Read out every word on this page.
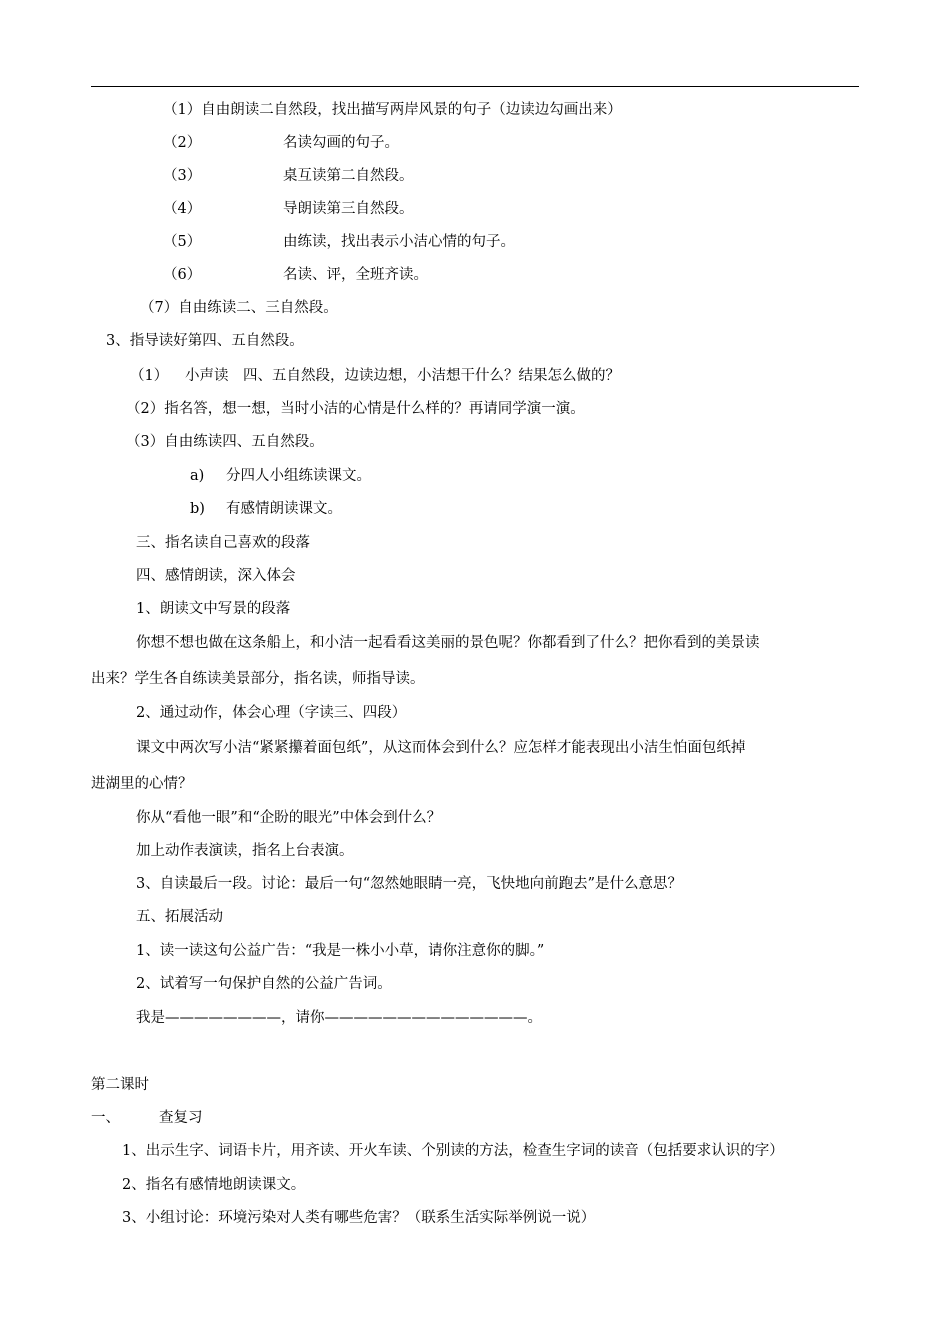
（1）自由朗读二自然段，找出描写两岸风景的句子（边读边勾画出来）
（2）	名读勾画的句子。
（3）	桌互读第二自然段。
（4）	导朗读第三自然段。
（5）	由练读，找出表示小洁心情的句子。
（6）	名读、评，全班齐读。
（7）自由练读二、三自然段。
3、指导读好第四、五自然段。
（1） 小声读　四、五自然段，边读边想，小洁想干什么？结果怎么做的？
（2）指名答，想一想，当时小洁的心情是什么样的？再请同学演一演。
（3）自由练读四、五自然段。
a) 分四人小组练读课文。
b) 有感情朗读课文。
三、指名读自己喜欢的段落
四、感情朗读，深入体会
1、朗读文中写景的段落
你想不想也做在这条船上，和小洁一起看看这美丽的景色呢？你都看到了什么？把你看到的美景读
出来？学生各自练读美景部分，指名读，师指导读。
2、通过动作，体会心理（字读三、四段）
课文中两次写小洁“紧紧攥着面包纸”，从这而体会到什么？应怎样才能表现出小洁生怕面包纸掉
进湖里的心情？
你从“看他一眼”和“企盼的眼光”中体会到什么？
加上动作表演读，指名上台表演。
3、自读最后一段。讨论：最后一句“忽然她眼睛一亮，飞快地向前跑去”是什么意思？
五、拓展活动
1、读一读这句公益广告：“我是一株小小草，请你注意你的脚。”
2、试着写一句保护自然的公益广告词。
我是————————，请你——————————————。
第二课时
一、	查复习
1、出示生字、词语卡片，用齐读、开火车读、个别读的方法，检查生字词的读音（包括要求认识的字）
2、指名有感情地朗读课文。
3、小组讨论：环境污染对人类有哪些危害？（联系生活实际举例说一说）
